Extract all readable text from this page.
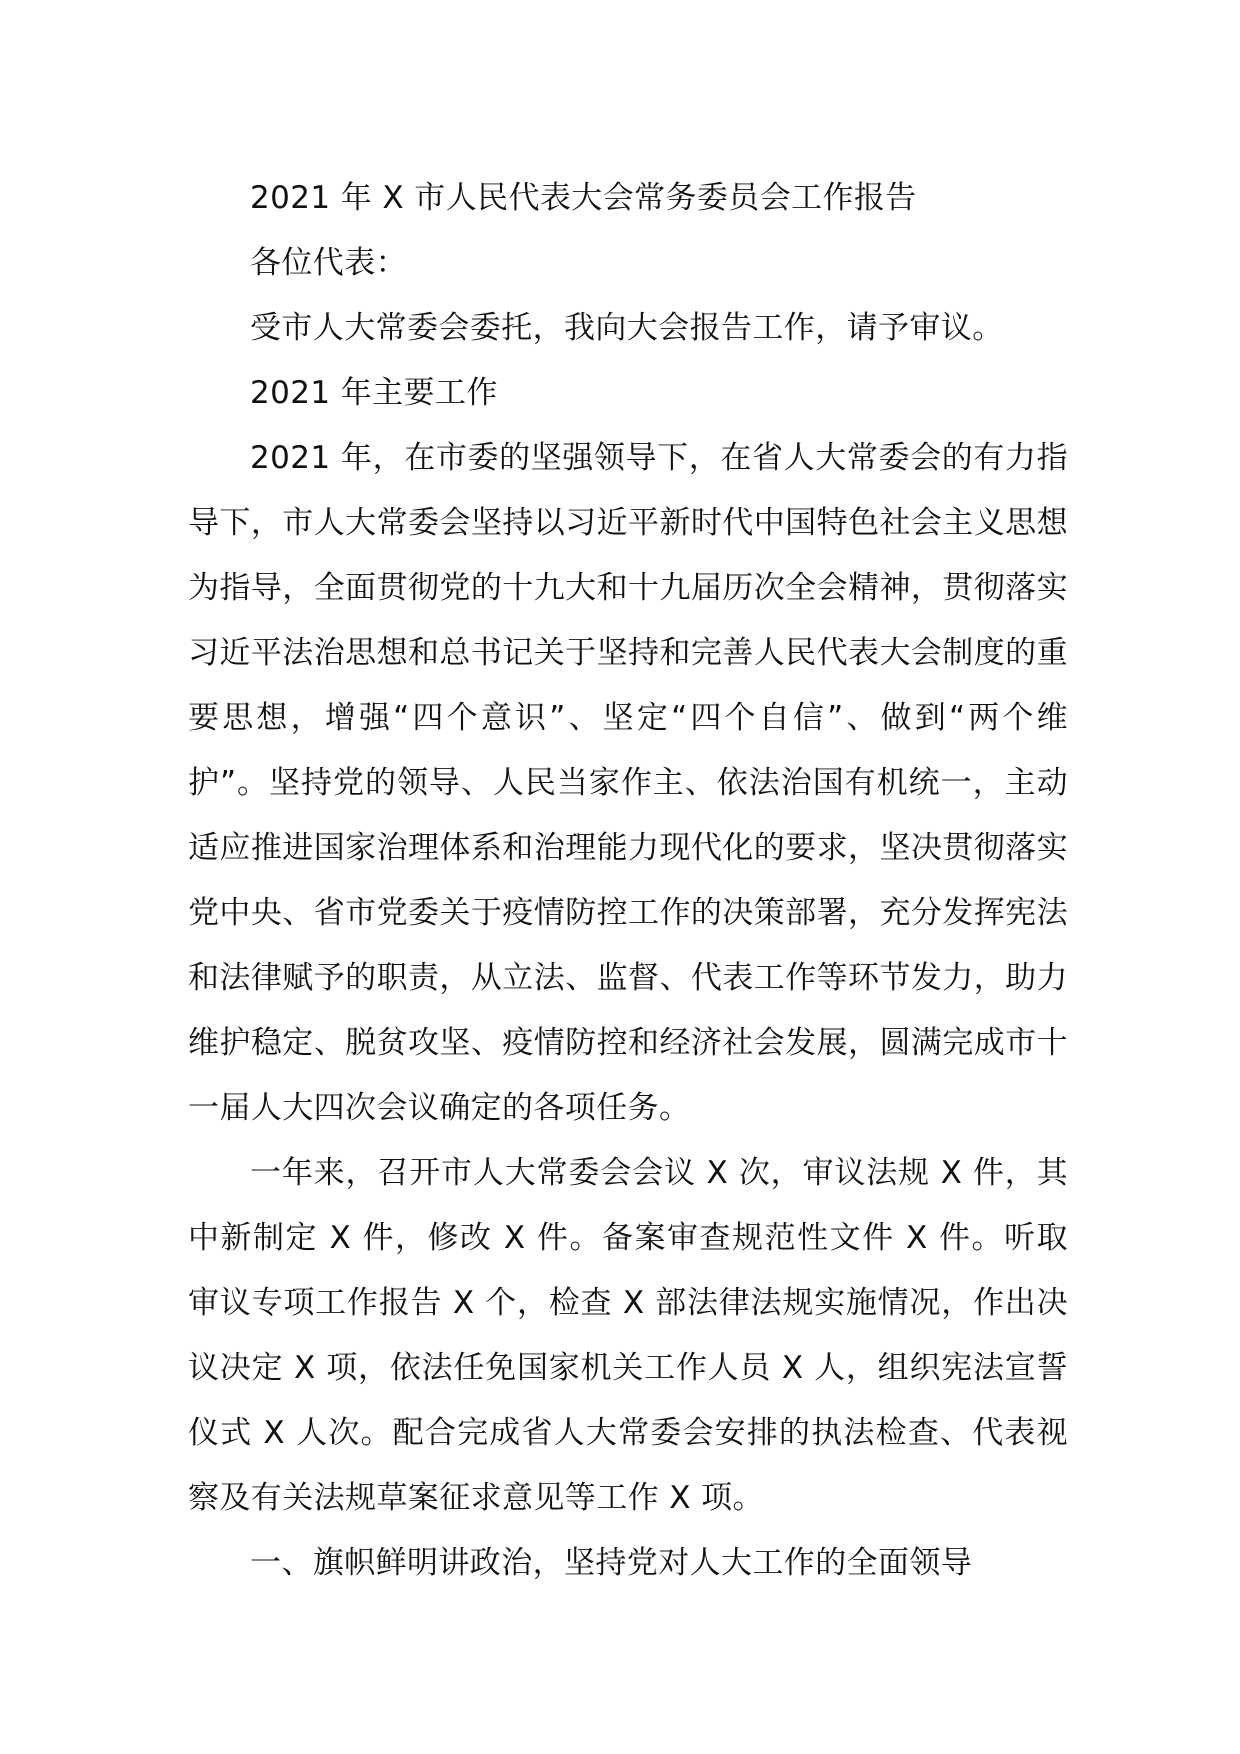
2021 年 X 市人民代表大会常务委员会工作报告

各位代表：

受市人大常委会委托，我向大会报告工作，请予审议。

2021 年主要工作

2021 年，在市委的坚强领导下，在省人大常委会的有力指导下，市人大常委会坚持以习近平新时代中国特色社会主义思想为指导，全面贯彻党的十九大和十九届历次全会精神，贯彻落实习近平法治思想和总书记关于坚持和完善人民代表大会制度的重要思想，增强“四个意识”、坚定“四个自信”、做到“两个维护”。坚持党的领导、人民当家作主、依法治国有机统一，主动适应推进国家治理体系和治理能力现代化的要求，坚决贯彻落实党中央、省市党委关于疫情防控工作的决策部署，充分发挥宪法和法律赋予的职责，从立法、监督、代表工作等环节发力，助力维护稳定、脱贫攻坚、疫情防控和经济社会发展，圆满完成市十一届人大四次会议确定的各项任务。

一年来，召开市人大常委会会议 X 次，审议法规 X 件，其中新制定 X 件，修改 X 件。备案审查规范性文件 X 件。听取审议专项工作报告 X 个，检查 X 部法律法规实施情况，作出决议决定 X 项，依法任免国家机关工作人员 X 人，组织宪法宣誓仪式 X 人次。配合完成省人大常委会安排的执法检查、代表视察及有关法规草案征求意见等工作 X 项。

一、旗帜鲜明讲政治，坚持党对人大工作的全面领导
